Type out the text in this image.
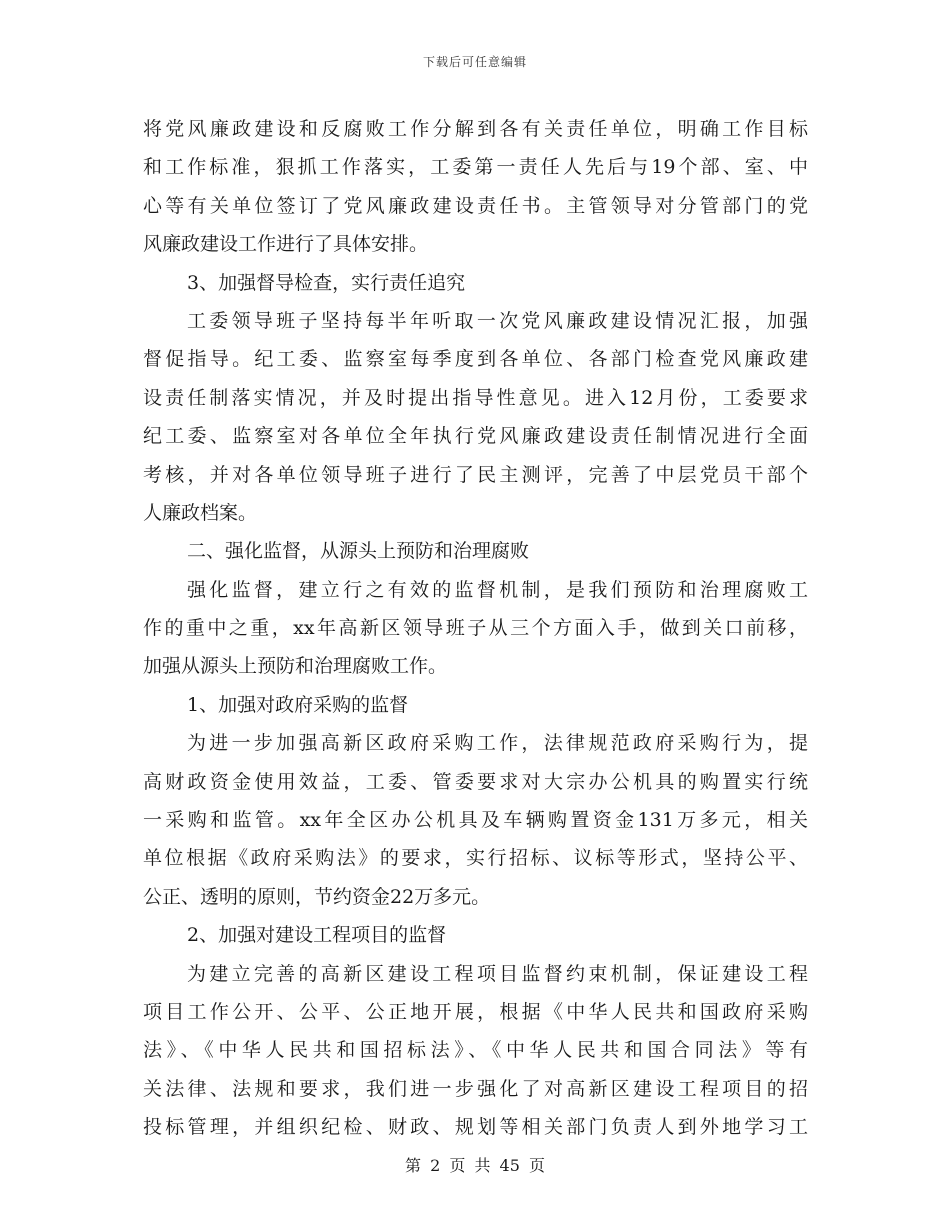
下载后可任意编辑
将党风廉政建设和反腐败工作分解到各有关责任单位，明确工作目标
和工作标准，狠抓工作落实，工委第一责任人先后与19个部、室、中
心等有关单位签订了党风廉政建设责任书。主管领导对分管部门的党
风廉政建设工作进行了具体安排。
3、加强督导检查，实行责任追究
工委领导班子坚持每半年听取一次党风廉政建设情况汇报，加强
督促指导。纪工委、监察室每季度到各单位、各部门检查党风廉政建
设责任制落实情况，并及时提出指导性意见。进入12月份，工委要求
纪工委、监察室对各单位全年执行党风廉政建设责任制情况进行全面
考核，并对各单位领导班子进行了民主测评，完善了中层党员干部个
人廉政档案。
二、强化监督，从源头上预防和治理腐败
强化监督，建立行之有效的监督机制，是我们预防和治理腐败工
作的重中之重，xx年高新区领导班子从三个方面入手，做到关口前移，
加强从源头上预防和治理腐败工作。
1、加强对政府采购的监督
为进一步加强高新区政府采购工作，法律规范政府采购行为，提
高财政资金使用效益，工委、管委要求对大宗办公机具的购置实行统
一采购和监管。xx年全区办公机具及车辆购置资金131万多元，相关
单位根据《政府采购法》的要求，实行招标、议标等形式，坚持公平、
公正、透明的原则，节约资金22万多元。
2、加强对建设工程项目的监督
为建立完善的高新区建设工程项目监督约束机制，保证建设工程
项目工作公开、公平、公正地开展，根据《中华人民共和国政府采购
法》、《中华人民共和国招标法》、《中华人民共和国合同法》等有
关法律、法规和要求，我们进一步强化了对高新区建设工程项目的招
投标管理，并组织纪检、财政、规划等相关部门负责人到外地学习工
第 2 页 共 45 页
